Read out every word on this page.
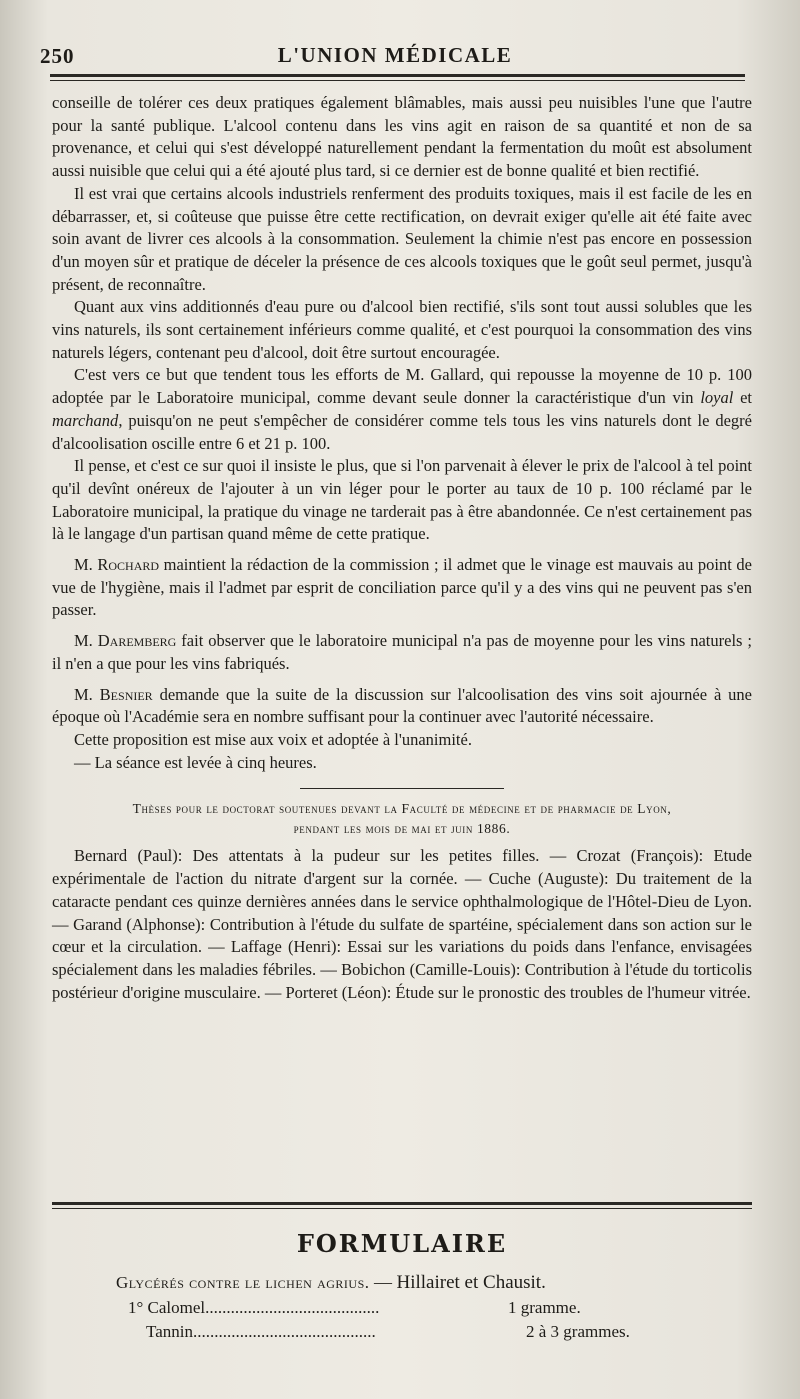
250	L'UNION MÉDICALE

conseille de tolérer ces deux pratiques également blâmables, mais aussi peu nuisibles l'une que l'autre pour la santé publique. L'alcool contenu dans les vins agit en raison de sa quantité et non de sa provenance, et celui qui s'est développé naturellement pendant la fermentation du moût est absolument aussi nuisible que celui qui a été ajouté plus tard, si ce dernier est de bonne qualité et bien rectifié.

Il est vrai que certains alcools industriels renferment des produits toxiques, mais il est facile de les en débarrasser, et, si coûteuse que puisse être cette rectification, on devrait exiger qu'elle ait été faite avec soin avant de livrer ces alcools à la consommation. Seulement la chimie n'est pas encore en possession d'un moyen sûr et pratique de déceler la présence de ces alcools toxiques que le goût seul permet, jusqu'à présent, de reconnaître.

Quant aux vins additionnés d'eau pure ou d'alcool bien rectifié, s'ils sont tout aussi solubles que les vins naturels, ils sont certainement inférieurs comme qualité, et c'est pourquoi la consommation des vins naturels légers, contenant peu d'alcool, doit être surtout encouragée.

C'est vers ce but que tendent tous les efforts de M. Gallard, qui repousse la moyenne de 10 p. 100 adoptée par le Laboratoire municipal, comme devant seule donner la caractéristique d'un vin loyal et marchand, puisqu'on ne peut s'empêcher de considérer comme tels tous les vins naturels dont le degré d'alcoolisation oscille entre 6 et 21 p. 100.

Il pense, et c'est ce sur quoi il insiste le plus, que si l'on parvenait à élever le prix de l'alcool à tel point qu'il devînt onéreux de l'ajouter à un vin léger pour le porter au taux de 10 p. 100 réclamé par le Laboratoire municipal, la pratique du vinage ne tarderait pas à être abandonnée. Ce n'est certainement pas là le langage d'un partisan quand même de cette pratique.

M. Rochard maintient la rédaction de la commission ; il admet que le vinage est mauvais au point de vue de l'hygiène, mais il l'admet par esprit de conciliation parce qu'il y a des vins qui ne peuvent pas s'en passer.

M. Daremberg fait observer que le laboratoire municipal n'a pas de moyenne pour les vins naturels ; il n'en a que pour les vins fabriqués.

M. Besnier demande que la suite de la discussion sur l'alcoolisation des vins soit ajournée à une époque où l'Académie sera en nombre suffisant pour la continuer avec l'autorité nécessaire.

Cette proposition est mise aux voix et adoptée à l'unanimité.

— La séance est levée à cinq heures.

Thèses pour le doctorat soutenues devant la Faculté de médecine et de pharmacie de Lyon,
pendant les mois de mai et juin 1886.

Bernard (Paul): Des attentats à la pudeur sur les petites filles. — Crozat (François): Etude expérimentale de l'action du nitrate d'argent sur la cornée. — Cuche (Auguste): Du traitement de la cataracte pendant ces quinze dernières années dans le service ophthalmologique de l'Hôtel-Dieu de Lyon. — Garand (Alphonse): Contribution à l'étude du sulfate de spartéine, spécialement dans son action sur le cœur et la circulation. — Laffage (Henri): Essai sur les variations du poids dans l'enfance, envisagées spécialement dans les maladies fébriles. — Bobichon (Camille-Louis): Contribution à l'étude du torticolis postérieur d'origine musculaire. — Porteret (Léon): Étude sur le pronostic des troubles de l'humeur vitrée.

FORMULAIRE
Glycérés contre le lichen agrius. — Hillairet et Chausit.
1° Calomel.........................................	1 gramme.
Tannin...........................................	2 à 3 grammes.
